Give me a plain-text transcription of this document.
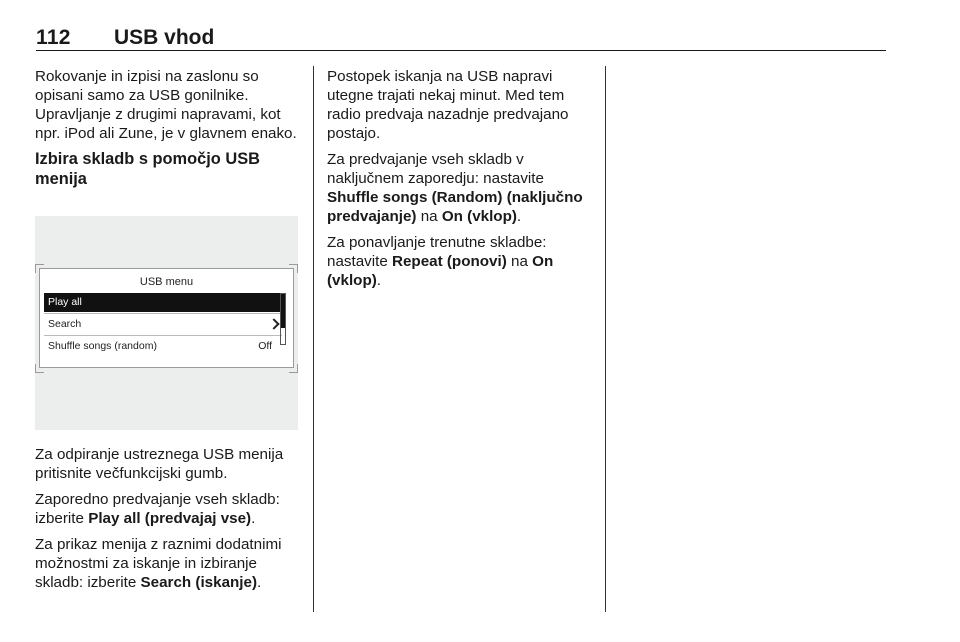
112 USB vhod

Rokovanje in izpisi na zaslonu so opisani samo za USB gonilnike. Upravljanje z drugimi napravami, kot npr. iPod ali Zune, je v glavnem enako.

Izbira skladb s pomočjo USB menija
USB menu
Play all
Search
Shuffle songs (random)	Off

Za odpiranje ustreznega USB menija pritisnite večfunkcijski gumb.

Zaporedno predvajanje vseh skladb: izberite Play all (predvajaj vse).

Za prikaz menija z raznimi dodatnimi možnostmi za iskanje in izbiranje skladb: izberite Search (iskanje).

Postopek iskanja na USB napravi utegne trajati nekaj minut. Med tem radio predvaja nazadnje predvajano postajo.

Za predvajanje vseh skladb v naključnem zaporedju: nastavite Shuffle songs (Random) (naključno predvajanje) na On (vklop).

Za ponavljanje trenutne skladbe: nastavite Repeat (ponovi) na On (vklop).
